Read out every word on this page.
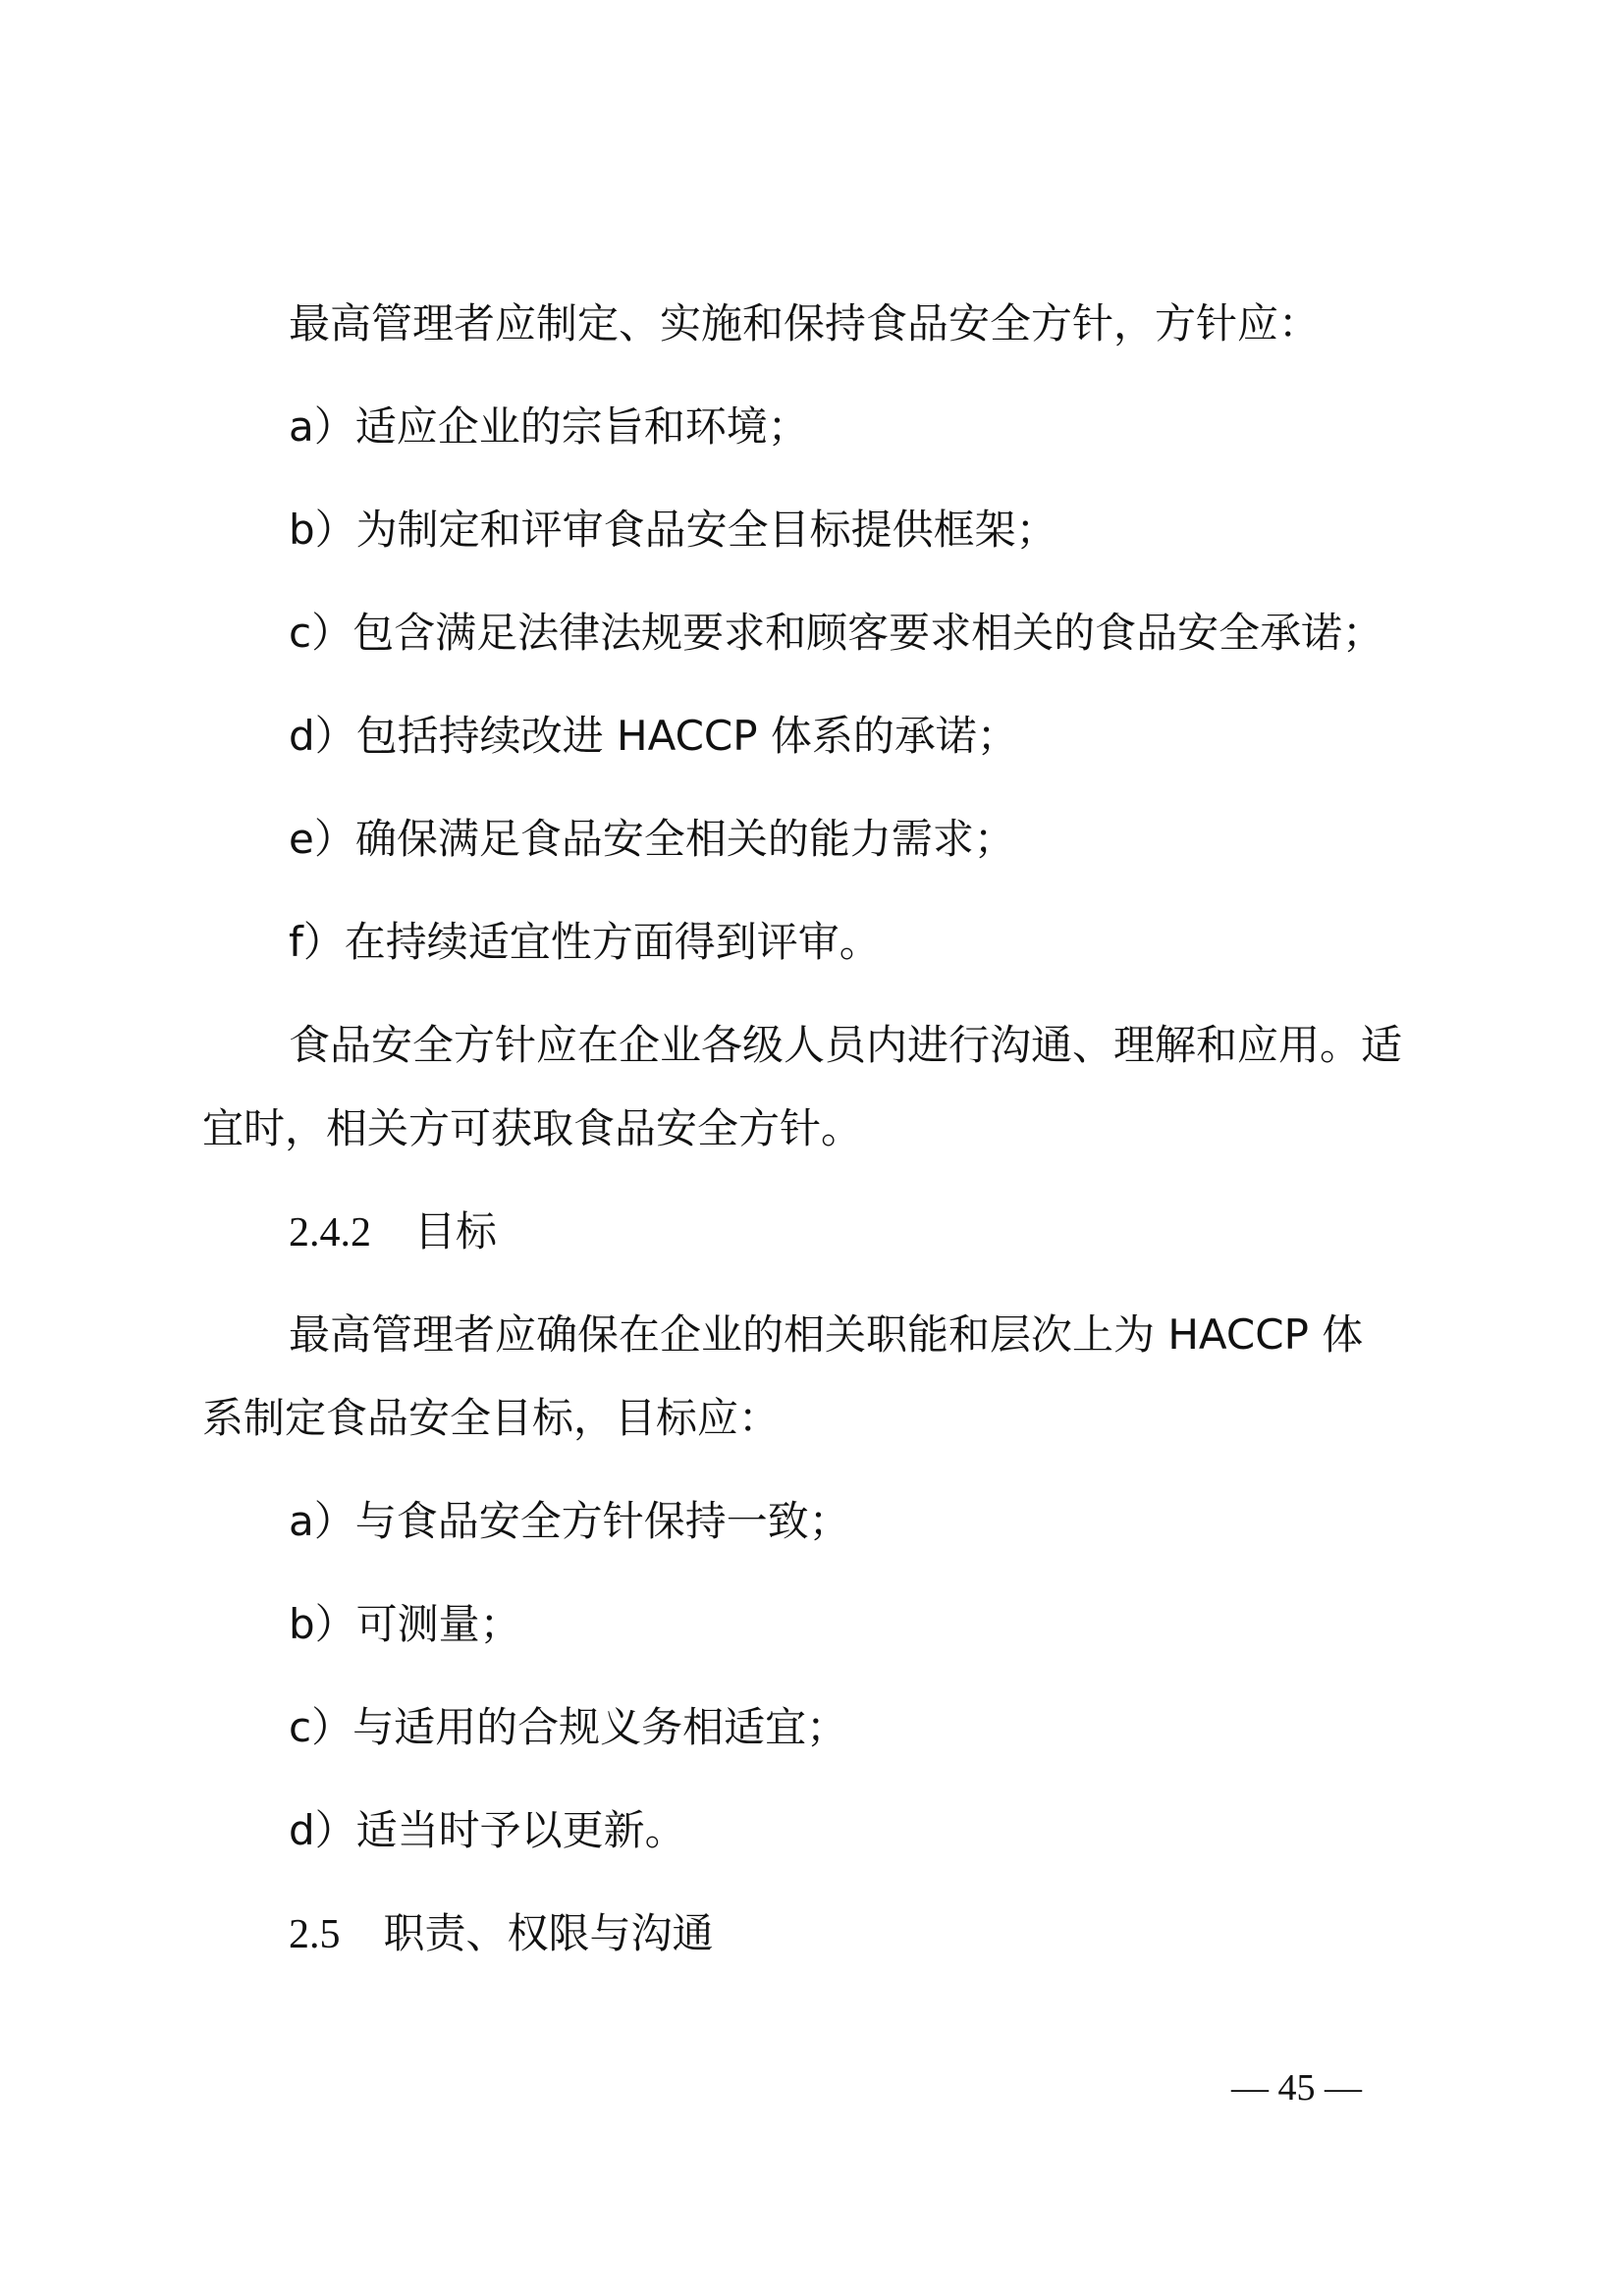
最高管理者应制定、实施和保持食品安全方针，方针应：
a）适应企业的宗旨和环境；
b）为制定和评审食品安全目标提供框架；
c）包含满足法律法规要求和顾客要求相关的食品安全承诺；
d）包括持续改进 HACCP 体系的承诺；
e）确保满足食品安全相关的能力需求；
f）在持续适宜性方面得到评审。
食品安全方针应在企业各级人员内进行沟通、理解和应用。适
宜时，相关方可获取食品安全方针。
2.4.2 目标
最高管理者应确保在企业的相关职能和层次上为 HACCP 体
系制定食品安全目标，目标应：
a）与食品安全方针保持一致；
b）可测量；
c）与适用的合规义务相适宜；
d）适当时予以更新。
2.5 职责、权限与沟通
— 45 —
